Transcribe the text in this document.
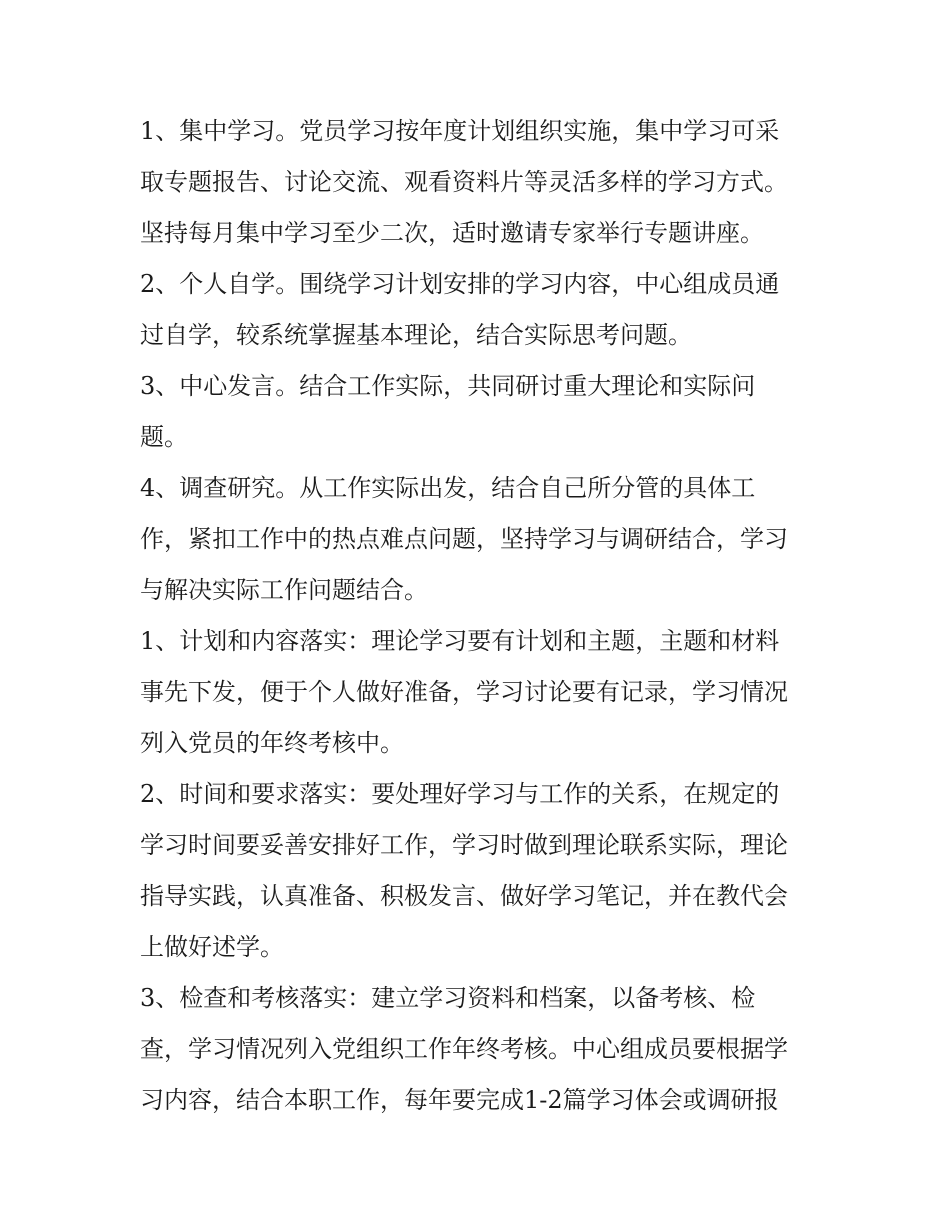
1、集中学习。党员学习按年度计划组织实施，集中学习可采
取专题报告、讨论交流、观看资料片等灵活多样的学习方式。
坚持每月集中学习至少二次，适时邀请专家举行专题讲座。
2、个人自学。围绕学习计划安排的学习内容，中心组成员通
过自学，较系统掌握基本理论，结合实际思考问题。
3、中心发言。结合工作实际，共同研讨重大理论和实际问
题。
4、调查研究。从工作实际出发，结合自己所分管的具体工
作，紧扣工作中的热点难点问题，坚持学习与调研结合，学习
与解决实际工作问题结合。
1、计划和内容落实：理论学习要有计划和主题，主题和材料
事先下发，便于个人做好准备，学习讨论要有记录，学习情况
列入党员的年终考核中。
2、时间和要求落实：要处理好学习与工作的关系，在规定的
学习时间要妥善安排好工作，学习时做到理论联系实际，理论
指导实践，认真准备、积极发言、做好学习笔记，并在教代会
上做好述学。
3、检查和考核落实：建立学习资料和档案，以备考核、检
查，学习情况列入党组织工作年终考核。中心组成员要根据学
习内容，结合本职工作，每年要完成1-2篇学习体会或调研报
